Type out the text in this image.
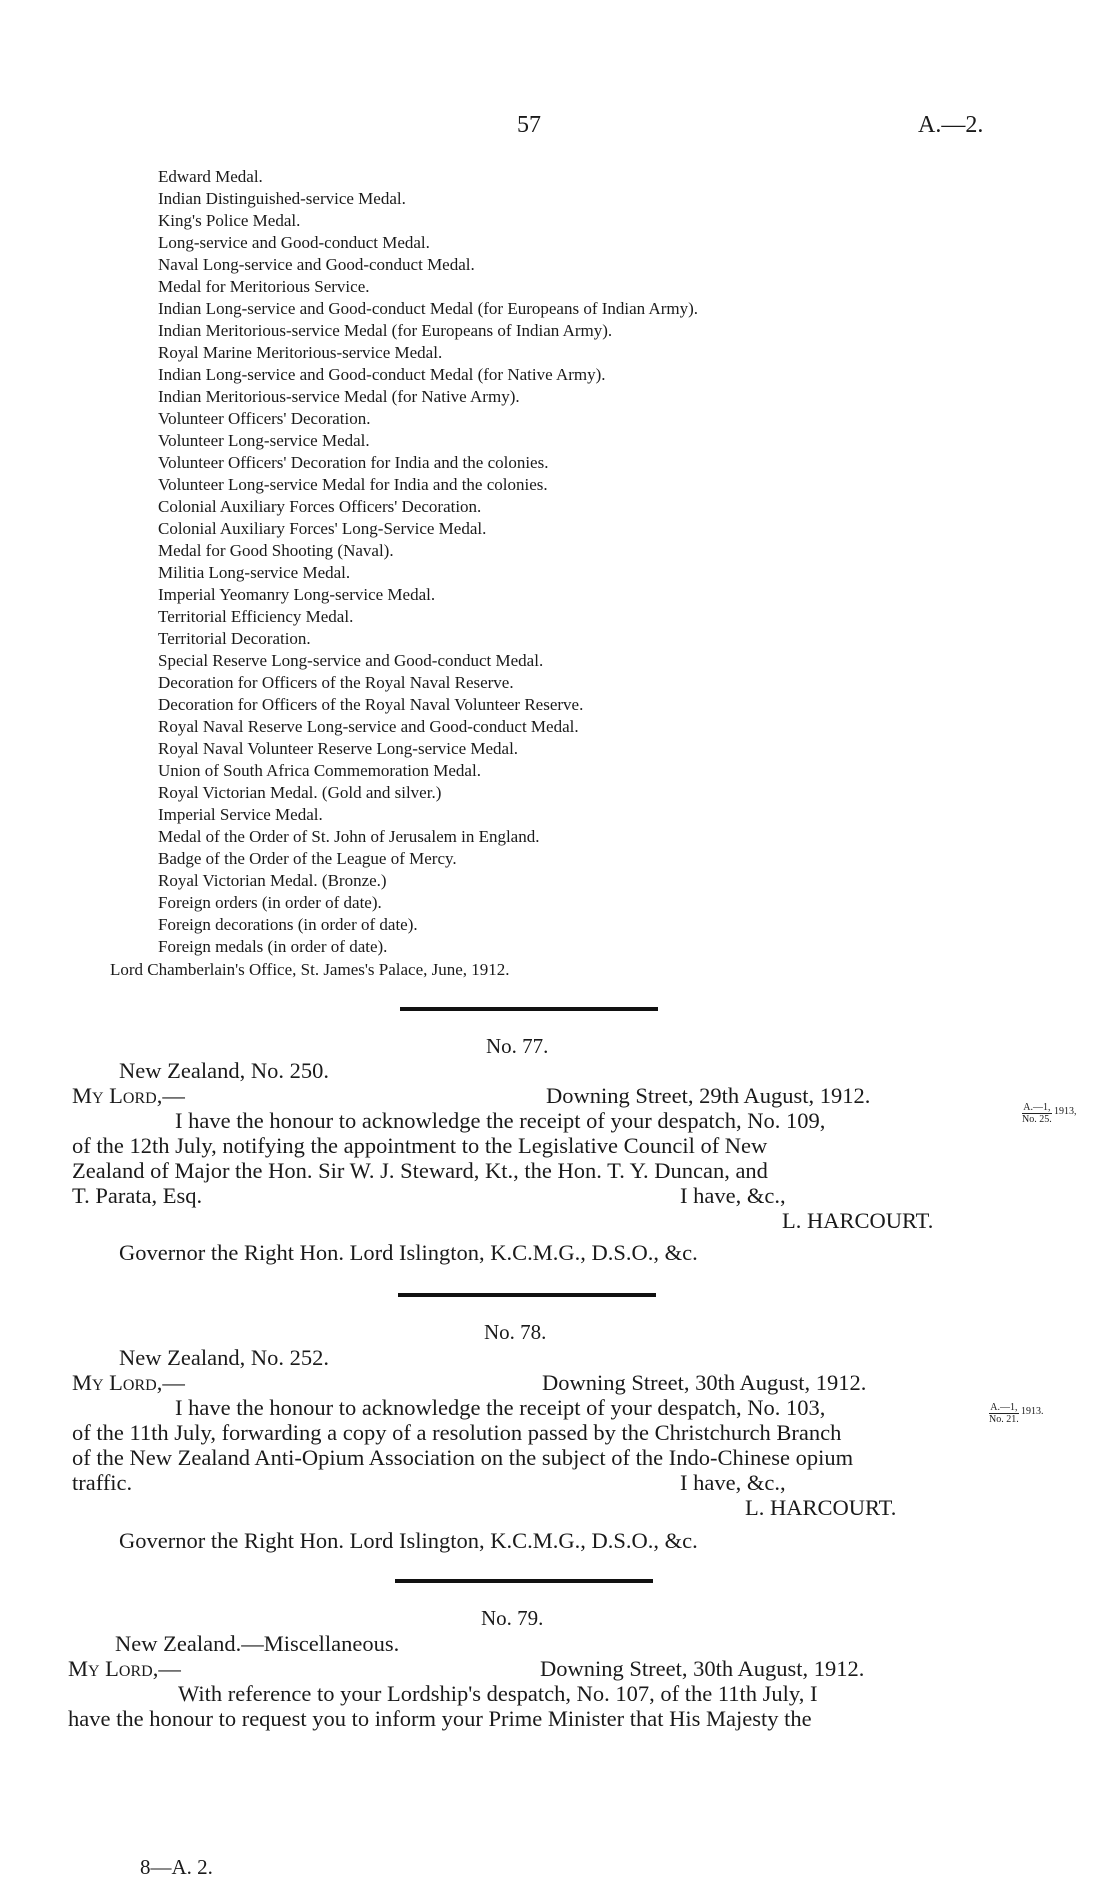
57	A.—2.
Edward Medal.
Indian Distinguished-service Medal.
King's Police Medal.
Long-service and Good-conduct Medal.
Naval Long-service and Good-conduct Medal.
Medal for Meritorious Service.
Indian Long-service and Good-conduct Medal (for Europeans of Indian Army).
Indian Meritorious-service Medal (for Europeans of Indian Army).
Royal Marine Meritorious-service Medal.
Indian Long-service and Good-conduct Medal (for Native Army).
Indian Meritorious-service Medal (for Native Army).
Volunteer Officers' Decoration.
Volunteer Long-service Medal.
Volunteer Officers' Decoration for India and the colonies.
Volunteer Long-service Medal for India and the colonies.
Colonial Auxiliary Forces Officers' Decoration.
Colonial Auxiliary Forces' Long-Service Medal.
Medal for Good Shooting (Naval).
Militia Long-service Medal.
Imperial Yeomanry Long-service Medal.
Territorial Efficiency Medal.
Territorial Decoration.
Special Reserve Long-service and Good-conduct Medal.
Decoration for Officers of the Royal Naval Reserve.
Decoration for Officers of the Royal Naval Volunteer Reserve.
Royal Naval Reserve Long-service and Good-conduct Medal.
Royal Naval Volunteer Reserve Long-service Medal.
Union of South Africa Commemoration Medal.
Royal Victorian Medal. (Gold and silver.)
Imperial Service Medal.
Medal of the Order of St. John of Jerusalem in England.
Badge of the Order of the League of Mercy.
Royal Victorian Medal. (Bronze.)
Foreign orders (in order of date).
Foreign decorations (in order of date).
Foreign medals (in order of date).
Lord Chamberlain's Office, St. James's Palace, June, 1912.
No. 77.
New Zealand, No. 250.
My Lord,—	Downing Street, 29th August, 1912.
I have the honour to acknowledge the receipt of your despatch, No. 109,
of the 12th July, notifying the appointment to the Legislative Council of New
Zealand of Major the Hon. Sir W. J. Steward, Kt., the Hon. T. Y. Duncan, and
T. Parata, Esq.	I have, &c.,
L. HARCOURT.
Governor the Right Hon. Lord Islington, K.C.M.G., D.S.O., &c.
A.—1,
No. 25.
1913,
No. 78.
New Zealand, No. 252.
My Lord,—	Downing Street, 30th August, 1912.
I have the honour to acknowledge the receipt of your despatch, No. 103,
of the 11th July, forwarding a copy of a resolution passed by the Christchurch Branch
of the New Zealand Anti-Opium Association on the subject of the Indo-Chinese opium
traffic.	I have, &c.,
L. HARCOURT.
Governor the Right Hon. Lord Islington, K.C.M.G., D.S.O., &c.
A.—1,
No. 21.
1913.
No. 79.
New Zealand.—Miscellaneous.
My Lord,—	Downing Street, 30th August, 1912.
With reference to your Lordship's despatch, No. 107, of the 11th July, I
have the honour to request you to inform your Prime Minister that His Majesty the
8—A. 2.
